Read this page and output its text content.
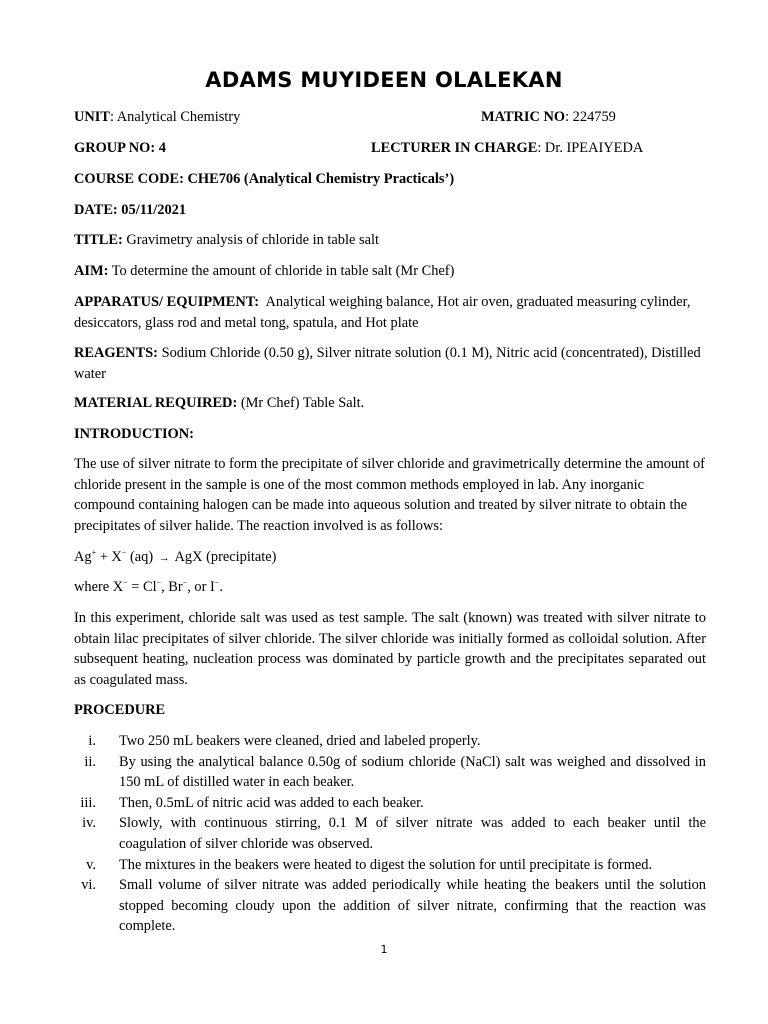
ADAMS MUYIDEEN OLALEKAN
UNIT: Analytical Chemistry	MATRIC NO: 224759
GROUP NO: 4	LECTURER IN CHARGE: Dr. IPEAIYEDA
COURSE CODE: CHE706 (Analytical Chemistry Practicals’)
DATE: 05/11/2021
TITLE: Gravimetry analysis of chloride in table salt
AIM: To determine the amount of chloride in table salt (Mr Chef)
APPARATUS/ EQUIPMENT:  Analytical weighing balance, Hot air oven, graduated measuring cylinder, desiccators, glass rod and metal tong, spatula, and Hot plate
REAGENTS: Sodium Chloride (0.50 g), Silver nitrate solution (0.1 M), Nitric acid (concentrated), Distilled water
MATERIAL REQUIRED: (Mr Chef) Table Salt.
INTRODUCTION:
The use of silver nitrate to form the precipitate of silver chloride and gravimetrically determine the amount of chloride present in the sample is one of the most common methods employed in lab. Any inorganic compound containing halogen can be made into aqueous solution and treated by silver nitrate to obtain the precipitates of silver halide. The reaction involved is as follows:
Ag+ + X− (aq) → AgX (precipitate)
where X− = Cl−, Br−, or I−.
In this experiment, chloride salt was used as test sample. The salt (known) was treated with silver nitrate to obtain lilac precipitates of silver chloride. The silver chloride was initially formed as colloidal solution. After subsequent heating, nucleation process was dominated by particle growth and the precipitates separated out as coagulated mass.
PROCEDURE
i. Two 250 mL beakers were cleaned, dried and labeled properly.
ii. By using the analytical balance 0.50g of sodium chloride (NaCl) salt was weighed and dissolved in 150 mL of distilled water in each beaker.
iii. Then, 0.5mL of nitric acid was added to each beaker.
iv. Slowly, with continuous stirring, 0.1 M of silver nitrate was added to each beaker until the coagulation of silver chloride was observed.
v. The mixtures in the beakers were heated to digest the solution for until precipitate is formed.
vi. Small volume of silver nitrate was added periodically while heating the beakers until the solution stopped becoming cloudy upon the addition of silver nitrate, confirming that the reaction was complete.
1
